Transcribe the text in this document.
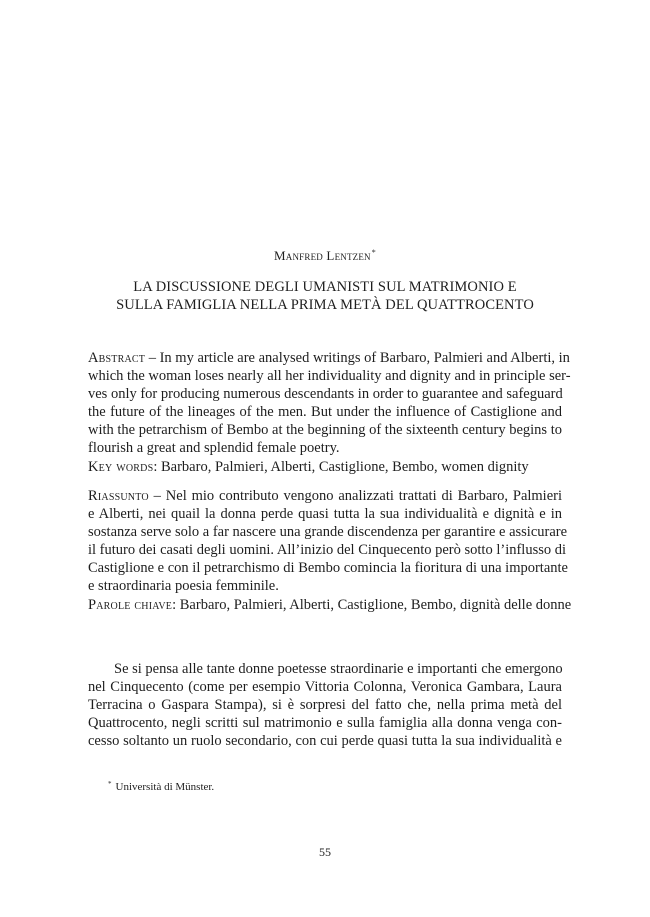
Manfred Lentzen*
LA DISCUSSIONE DEGLI UMANISTI SUL MATRIMONIO E
SULLA FAMIGLIA NELLA PRIMA METÀ DEL QUATTROCENTO
Abstract – In my article are analysed writings of Barbaro, Palmieri and Alberti, in
which the woman loses nearly all her individuality and dignity and in principle ser-
ves only for producing numerous descendants in order to guarantee and safeguard
the future of the lineages of the men. But under the influence of Castiglione and
with the petrarchism of Bembo at the beginning of the sixteenth century begins to
flourish a great and splendid female poetry.
Key words: Barbaro, Palmieri, Alberti, Castiglione, Bembo, women dignity
Riassunto – Nel mio contributo vengono analizzati trattati di Barbaro, Palmieri
e Alberti, nei quail la donna perde quasi tutta la sua individualità e dignità e in
sostanza serve solo a far nascere una grande discendenza per garantire e assicurare
il futuro dei casati degli uomini. All’inizio del Cinquecento però sotto l’influsso di
Castiglione e con il petrarchismo di Bembo comincia la fioritura di una importante
e straordinaria poesia femminile.
Parole chiave: Barbaro, Palmieri, Alberti, Castiglione, Bembo, dignità delle donne
Se si pensa alle tante donne poetesse straordinarie e importanti che emergono
nel Cinquecento (come per esempio Vittoria Colonna, Veronica Gambara, Laura
Terracina o Gaspara Stampa), si è sorpresi del fatto che, nella prima metà del
Quattrocento, negli scritti sul matrimonio e sulla famiglia alla donna venga con-
cesso soltanto un ruolo secondario, con cui perde quasi tutta la sua individualità e
* Università di Münster.
55
